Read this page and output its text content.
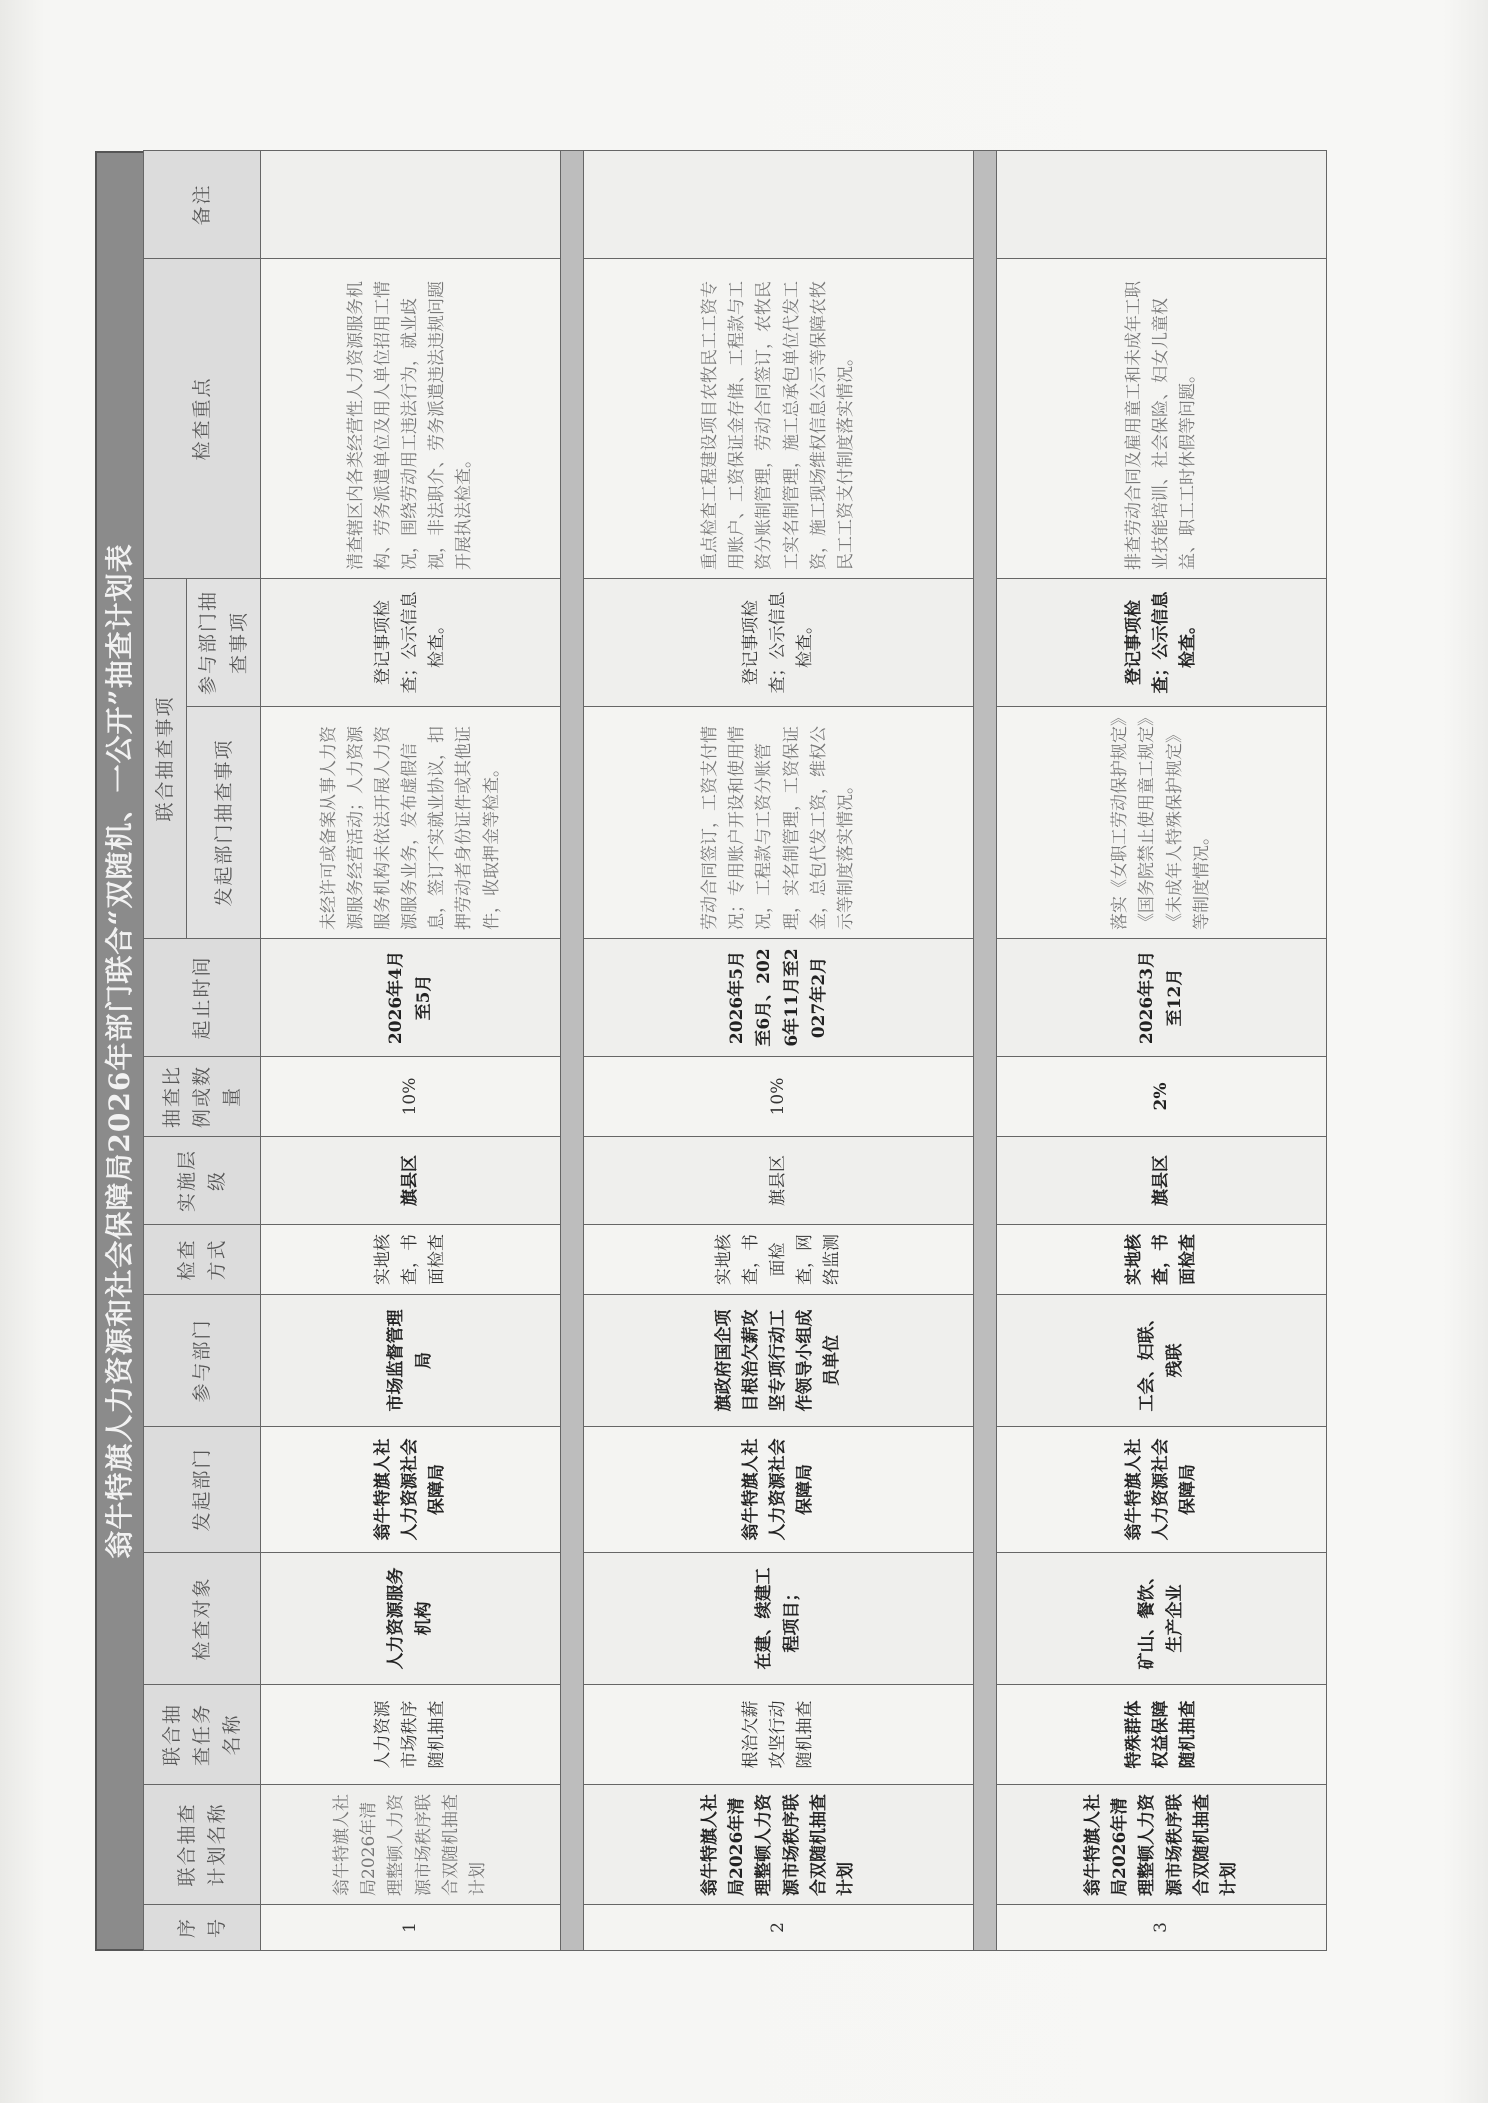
翁牛特旗人力资源和社会保障局2026年部门联合“双随机、一公开”抽查计划表
序号	联合抽查计划名称	联合抽查任务名称	检查对象	发起部门	参与部门	检查方式	实施层级	抽查比例或数量	起止时间	联合抽查事项		检查重点	备注
										发起部门抽查事项	参与部门抽查事项		
1	翁牛特旗人社局2026年清理整顿人力资源市场秩序联合双随机抽查计划	人力资源市场秩序随机抽查	人力资源服务机构	翁牛特旗人社人力资源社会保障局	市场监督管理局	实地核查，书面检查	旗县区	10%	2026年4月至5月	未经许可或备案从事人力资源服务经营活动；人力资源服务机构未依法开展人力资源服务业务，发布虚假信息，签订不实就业协议，扣押劳动者身份证件或其他证件，收取押金等检查。	登记事项检查；公示信息检查。	清查辖区内各类经营性人力资源服务机构、劳务派遣单位及用人单位招用工情况，围绕劳动用工违法行为，就业歧视，非法职介、劳务派遣违法违规问题开展执法检查。	

2	翁牛特旗人社局2026年清理整顿人力资源市场秩序联合双随机抽查计划	根治欠薪攻坚行动随机抽查	在建、续建工程项目；	翁牛特旗人社人力资源社会保障局	旗政府国企项目根治欠薪攻坚专项行动工作领导小组成员单位	实地核查，书面检查，网络监测	旗县区	10%	2026年5月至6月、2026年11月至2027年2月	劳动合同签订，工资支付情况；专用账户开设和使用情况，工程款与工资分账管理，实名制管理，工资保证金，总包代发工资，维权公示等制度落实情况。	登记事项检查；公示信息检查。	重点检查工程建设项目农牧民工工资专用账户、工资保证金存储、工程款与工资分账制管理，劳动合同签订，农牧民工实名制管理，施工总承包单位代发工资，施工现场维权信息公示等保障农牧民工工资支付制度落实情况。	

3	翁牛特旗人社局2026年清理整顿人力资源市场秩序联合双随机抽查计划	特殊群体权益保障随机抽查	矿山、餐饮、生产企业	翁牛特旗人社人力资源社会保障局	工会、妇联、残联	实地核查，书面检查	旗县区	2%	2026年3月至12月	落实《女职工劳动保护规定》《国务院禁止使用童工规定》《未成年人特殊保护规定》等制度情况。	登记事项检查；公示信息检查。	排查劳动合同及雇用童工和未成年工职业技能培训、社会保险、妇女儿童权益、职工工时休假等问题。	
